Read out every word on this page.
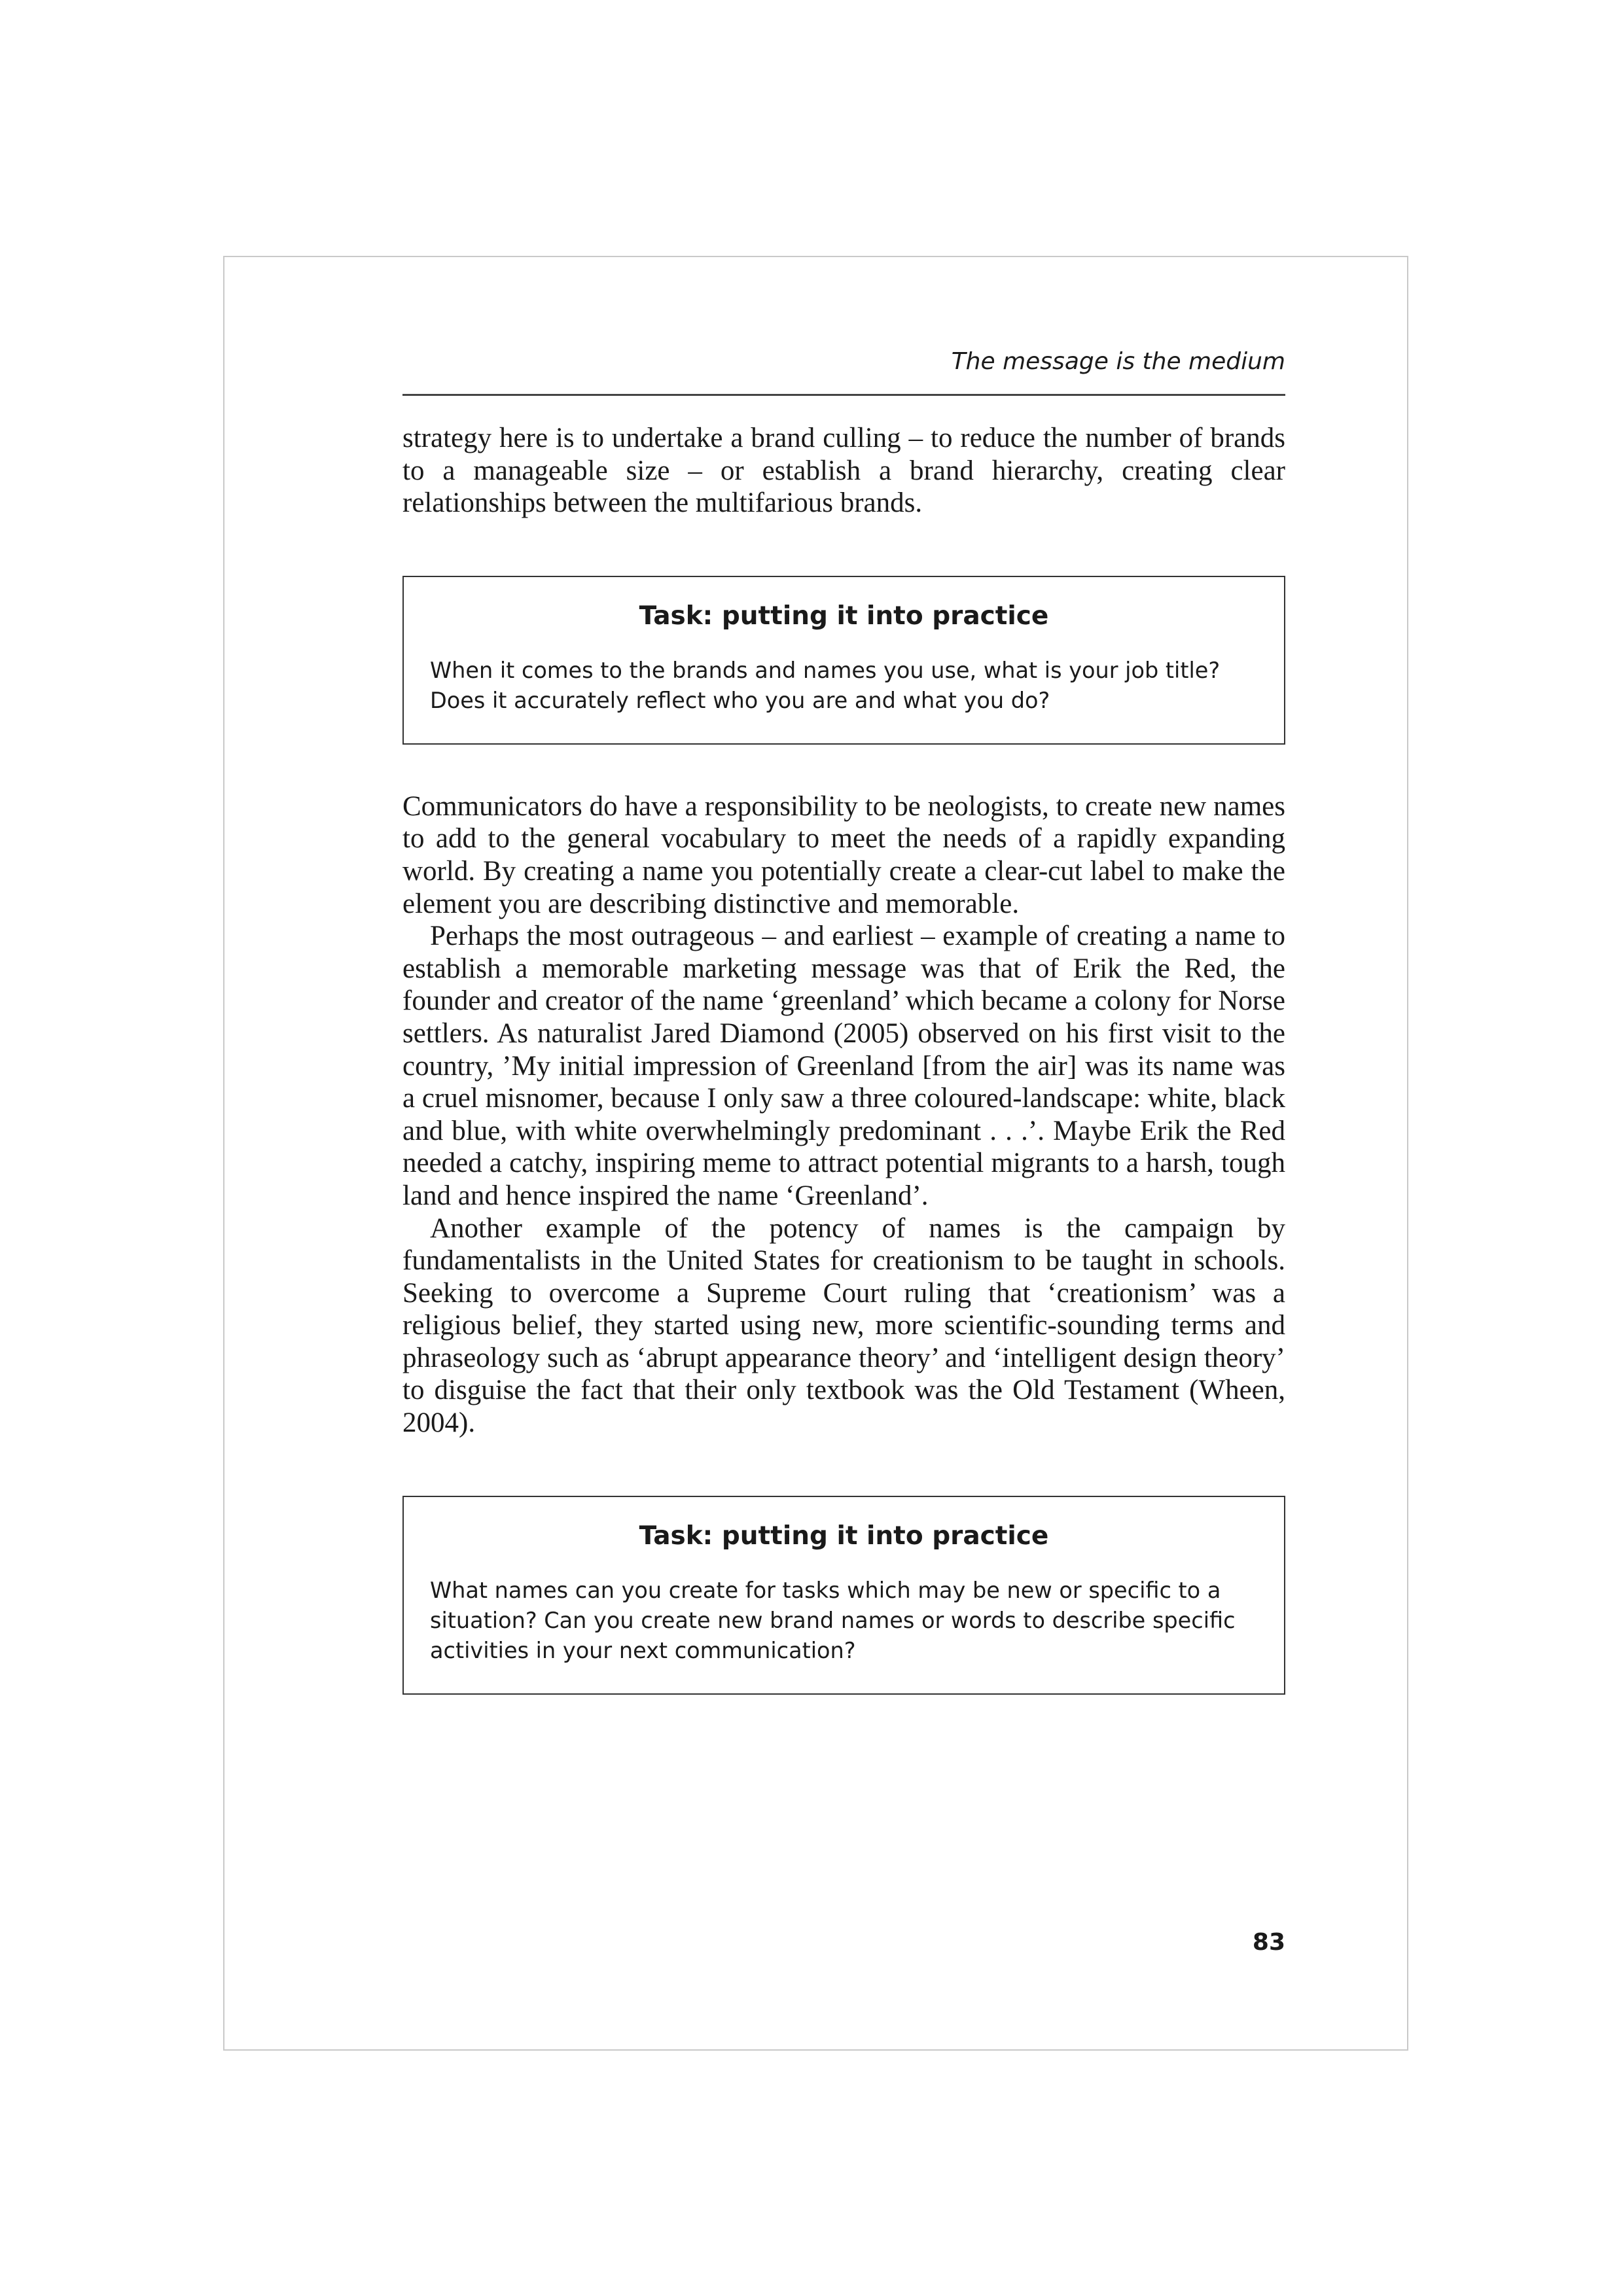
The message is the medium

strategy here is to undertake a brand culling – to reduce the number of brands to a manageable size – or establish a brand hierarchy, creating clear relationships between the multifarious brands.

Task: putting it into practice

When it comes to the brands and names you use, what is your job title? Does it accurately reflect who you are and what you do?

Communicators do have a responsibility to be neologists, to create new names to add to the general vocabulary to meet the needs of a rapidly expanding world. By creating a name you potentially create a clear-cut label to make the element you are describing distinctive and memorable.

Perhaps the most outrageous – and earliest – example of creating a name to establish a memorable marketing message was that of Erik the Red, the founder and creator of the name ‘greenland’ which became a colony for Norse settlers. As naturalist Jared Diamond (2005) observed on his first visit to the country, ’My initial impression of Greenland [from the air] was its name was a cruel misnomer, because I only saw a three coloured-landscape: white, black and blue, with white overwhelmingly predominant . . .’. Maybe Erik the Red needed a catchy, inspiring meme to attract potential migrants to a harsh, tough land and hence inspired the name ‘Greenland’.

Another example of the potency of names is the campaign by fundamentalists in the United States for creationism to be taught in schools. Seeking to overcome a Supreme Court ruling that ‘creationism’ was a religious belief, they started using new, more scientific-sounding terms and phraseology such as ‘abrupt appearance theory’ and ‘intelligent design theory’ to disguise the fact that their only textbook was the Old Testament (Wheen, 2004).

Task: putting it into practice

What names can you create for tasks which may be new or specific to a situation? Can you create new brand names or words to describe specific activities in your next communication?

83
